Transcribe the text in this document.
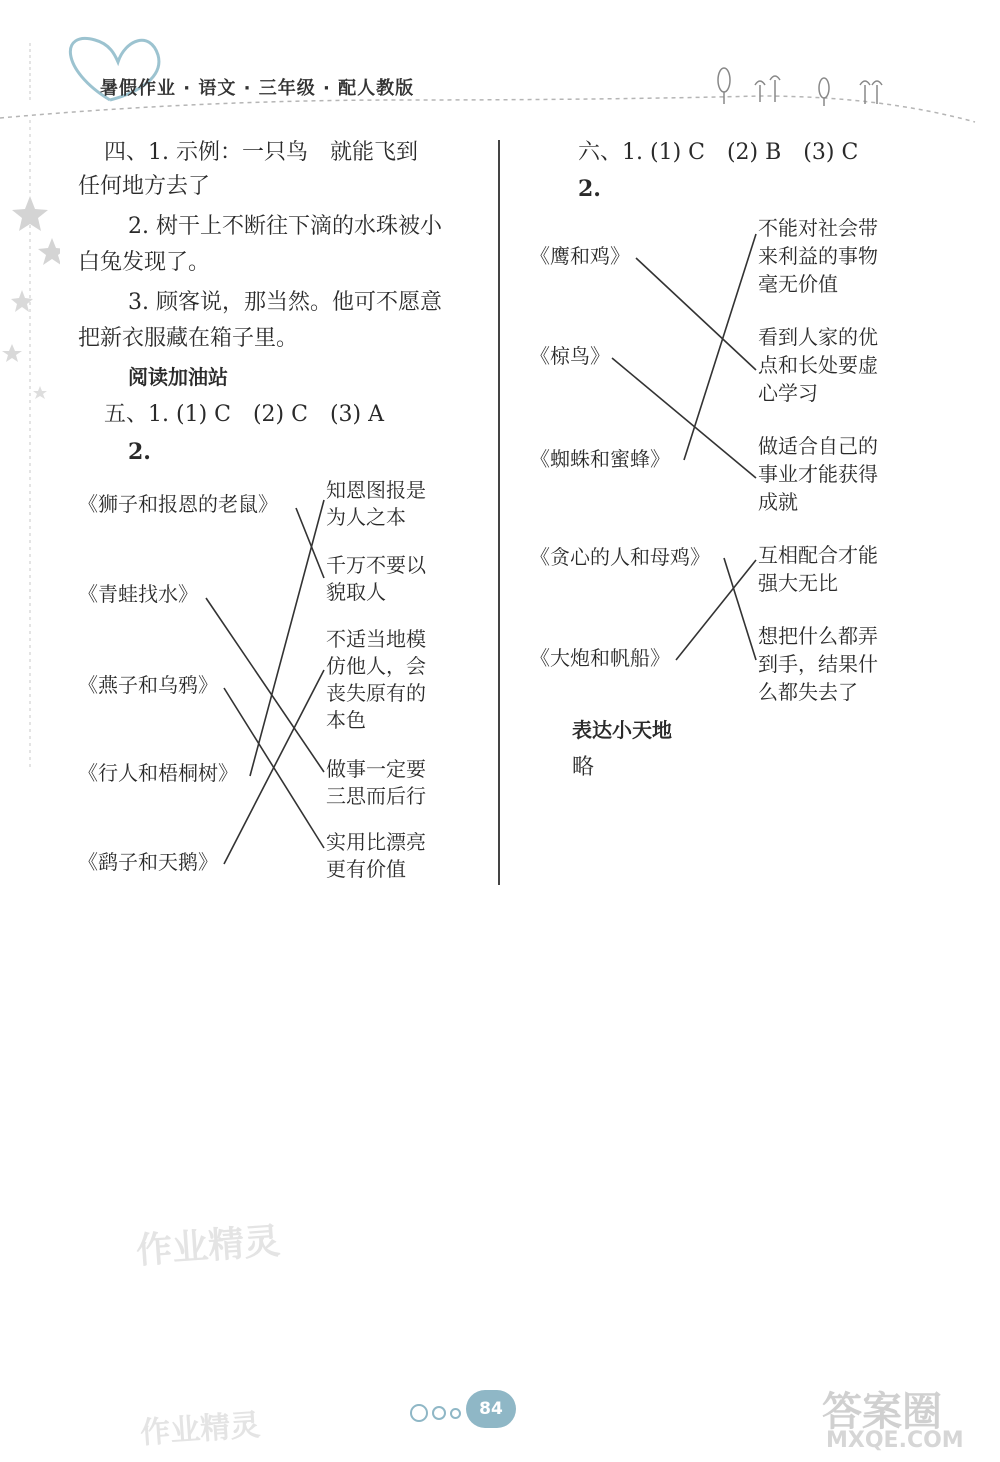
暑假作业 · 语文 · 三年级 · 配人教版
四、1. 示例：一只鸟　就能飞到
任何地方去了
2. 树干上不断往下滴的水珠被小
白兔发现了。
3. 顾客说，那当然。他可不愿意
把新衣服藏在箱子里。
阅读加油站
五、1. (1) C　(2) C　(3) A
2.
《狮子和报恩的老鼠》
《青蛙找水》
《燕子和乌鸦》
《行人和梧桐树》
《鹞子和天鹅》
知恩图报是
为人之本
千万不要以
貌取人
不适当地模
仿他人，会
丧失原有的
本色
做事一定要
三思而后行
实用比漂亮
更有价值
六、1. (1) C　(2) B　(3) C
2.
《鹰和鸡》
《椋鸟》
《蜘蛛和蜜蜂》
《贪心的人和母鸡》
《大炮和帆船》
不能对社会带
来利益的事物
毫无价值
看到人家的优
点和长处要虚
心学习
做适合自己的
事业才能获得
成就
互相配合才能
强大无比
想把什么都弄
到手，结果什
么都失去了
表达小天地
略
作业精灵
作业精灵	84	答案圈
MXQE.COM
